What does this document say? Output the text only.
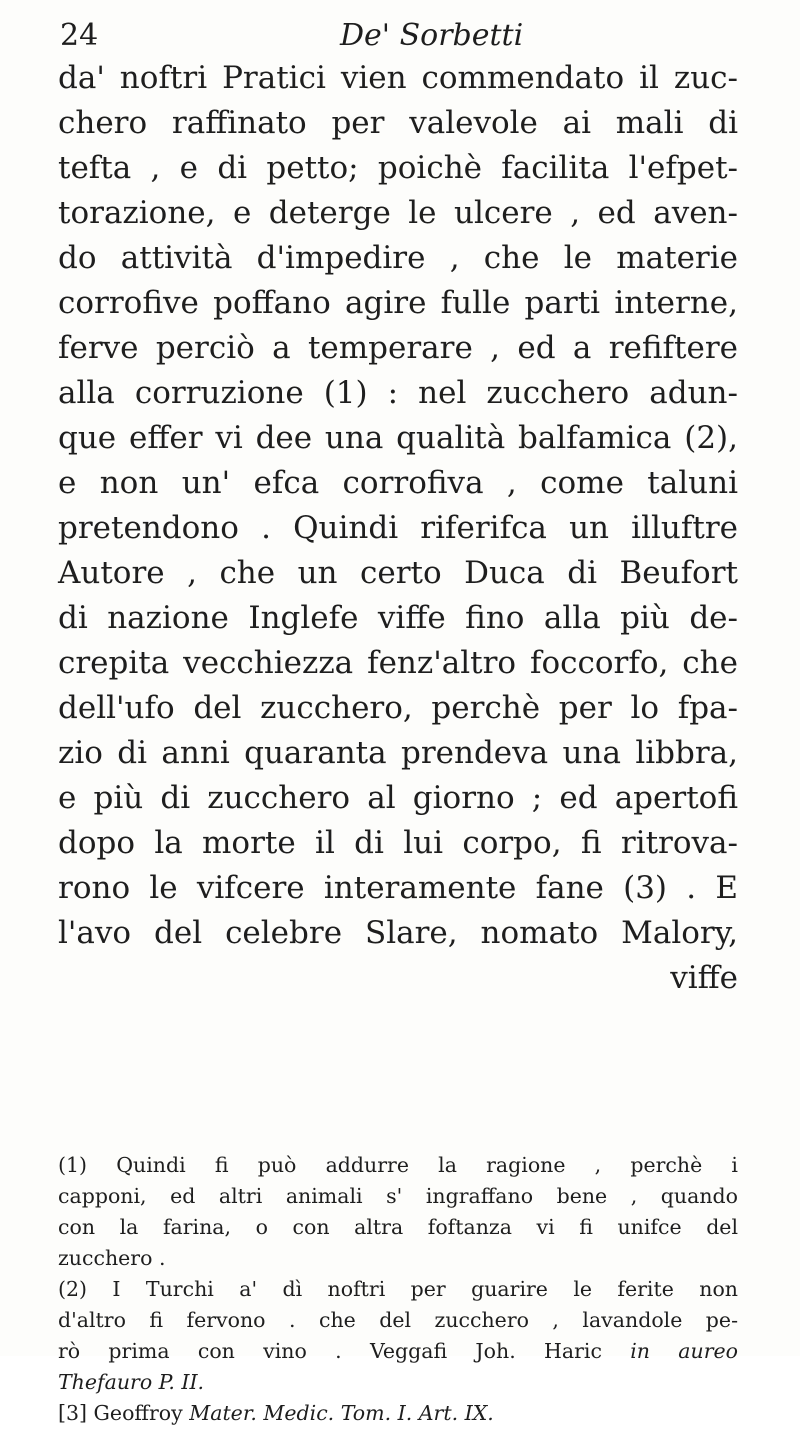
24	De' Sorbetti
da' noftri Pratici vien commendato il zuc-
chero raffinato per valevole ai mali di
tefta , e di petto; poichè facilita l'efpet-
torazione, e deterge le ulcere , ed aven-
do attività d'impedire , che le materie
corrofive poffano agire fulle parti interne,
ferve perciò a temperare , ed a refiftere
alla corruzione (1) : nel zucchero adun-
que effer vi dee una qualità balfamica (2),
e non un' efca corrofiva , come taluni
pretendono . Quindi riferifca un illuftre
Autore , che un certo Duca di Beufort
di nazione Inglefe viffe fino alla più de-
crepita vecchiezza fenz'altro foccorfo, che
dell'ufo del zucchero, perchè per lo fpa-
zio di anni quaranta prendeva una libbra,
e più di zucchero al giorno ; ed apertofi
dopo la morte il di lui corpo, fi ritrova-
rono le vifcere interamente fane (3) . E
l'avo del celebre Slare, nomato Malory,
viffe
(1) Quindi fi può addurre la ragione , perchè i
capponi, ed altri animali s' ingraffano bene , quando
con la farina, o con altra foftanza vi fi unifce del
zucchero .
(2) I Turchi a' dì noftri per guarire le ferite non
d'altro fi fervono . che del zucchero , lavandole pe-
rò prima con vino . Veggafi Joh. Haric in aureo
Thefauro P. II.
[3] Geoffroy Mater. Medic. Tom. I. Art. IX.
